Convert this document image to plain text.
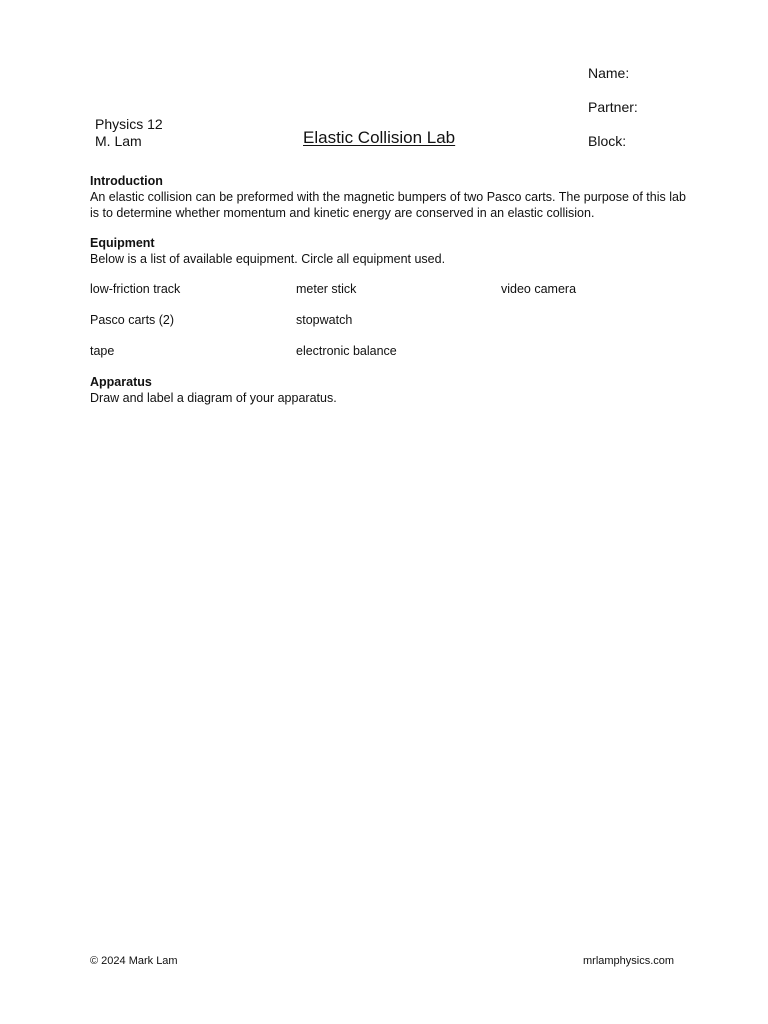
Name:
Partner:
Block:
Physics 12
M. Lam	Elastic Collision Lab
Introduction
An elastic collision can be preformed with the magnetic bumpers of two Pasco carts. The purpose of this lab is to determine whether momentum and kinetic energy are conserved in an elastic collision.
Equipment
Below is a list of available equipment. Circle all equipment used.
low-friction track	meter stick	video camera
Pasco carts (2)	stopwatch
tape	electronic balance
Apparatus
Draw and label a diagram of your apparatus.
© 2024 Mark Lam	mrlamphysics.com
